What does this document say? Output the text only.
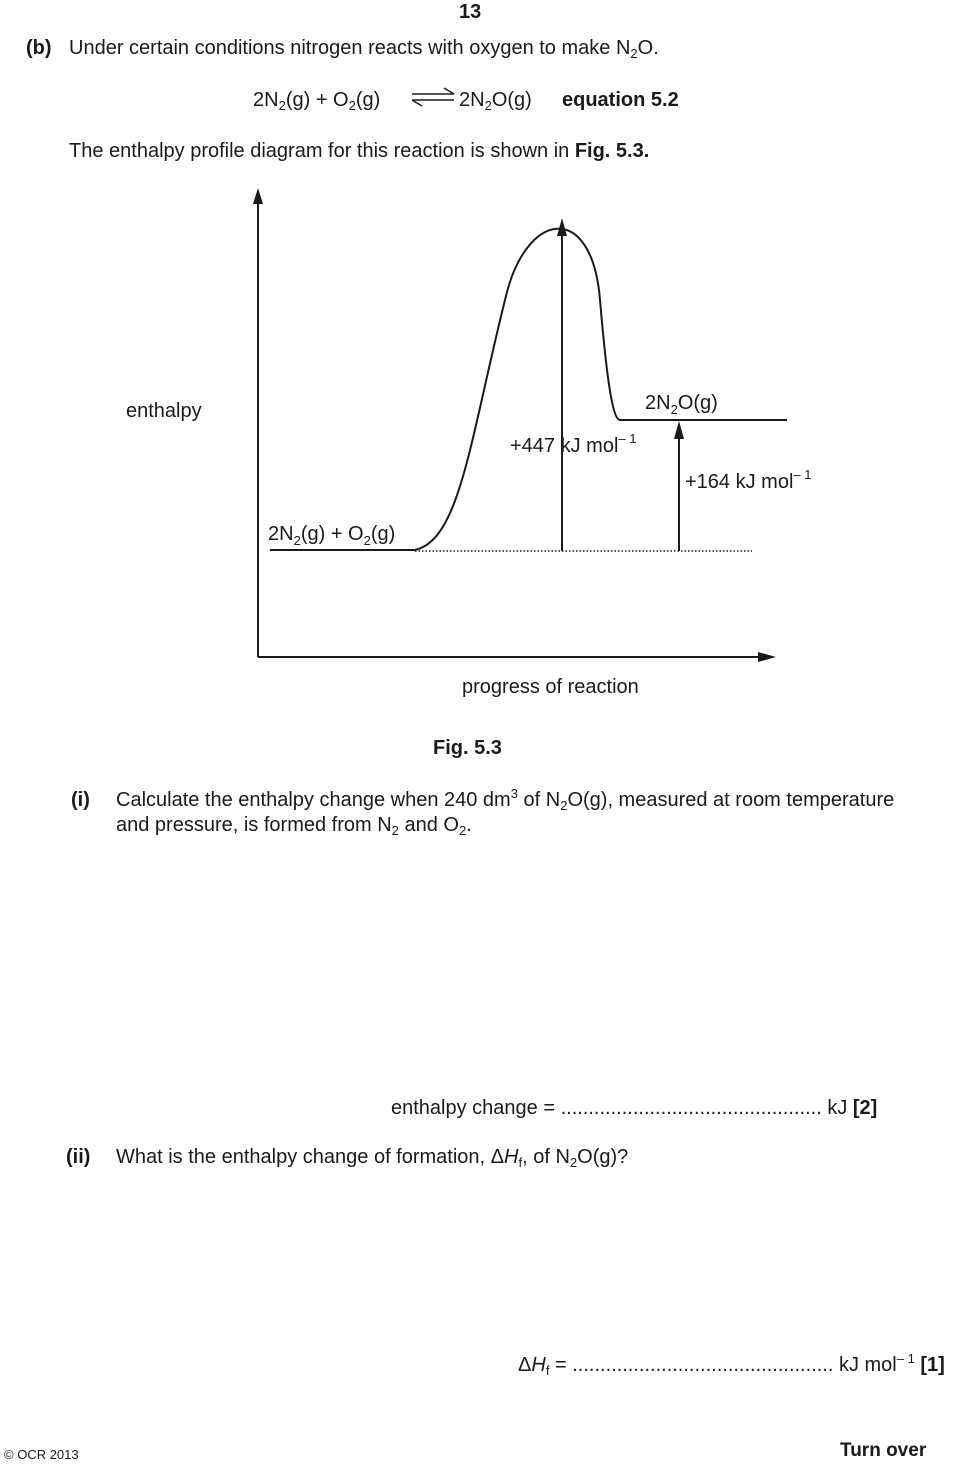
13
(b) Under certain conditions nitrogen reacts with oxygen to make $N_2O$.
$2N_2(g) + O_2(g)$ ⇌ $2N_2O(g)$ equation 5.2
The enthalpy profile diagram for this reaction is shown in Fig. 5.3.
enthalpy
progress of reaction
$2N_2(g) + O_2(g)$
$2N_2O(g)$
+447 kJ mol$^{- 1}$
+164 kJ mol$^{- 1}$
Fig. 5.3
(i) Calculate the enthalpy change when 240 $dm^3$ of $N_2O(g)$, measured at room temperature
and pressure, is formed from $N_2$ and $O_2$.
enthalpy change = ............................................... kJ [2]
(ii) What is the enthalpy change of formation, $\Delta H_f$, of $N_2O(g)$?
$\Delta H_f$ = ............................................... kJ mol$^{- 1}$ [1]
© OCR 2013	Turn over
